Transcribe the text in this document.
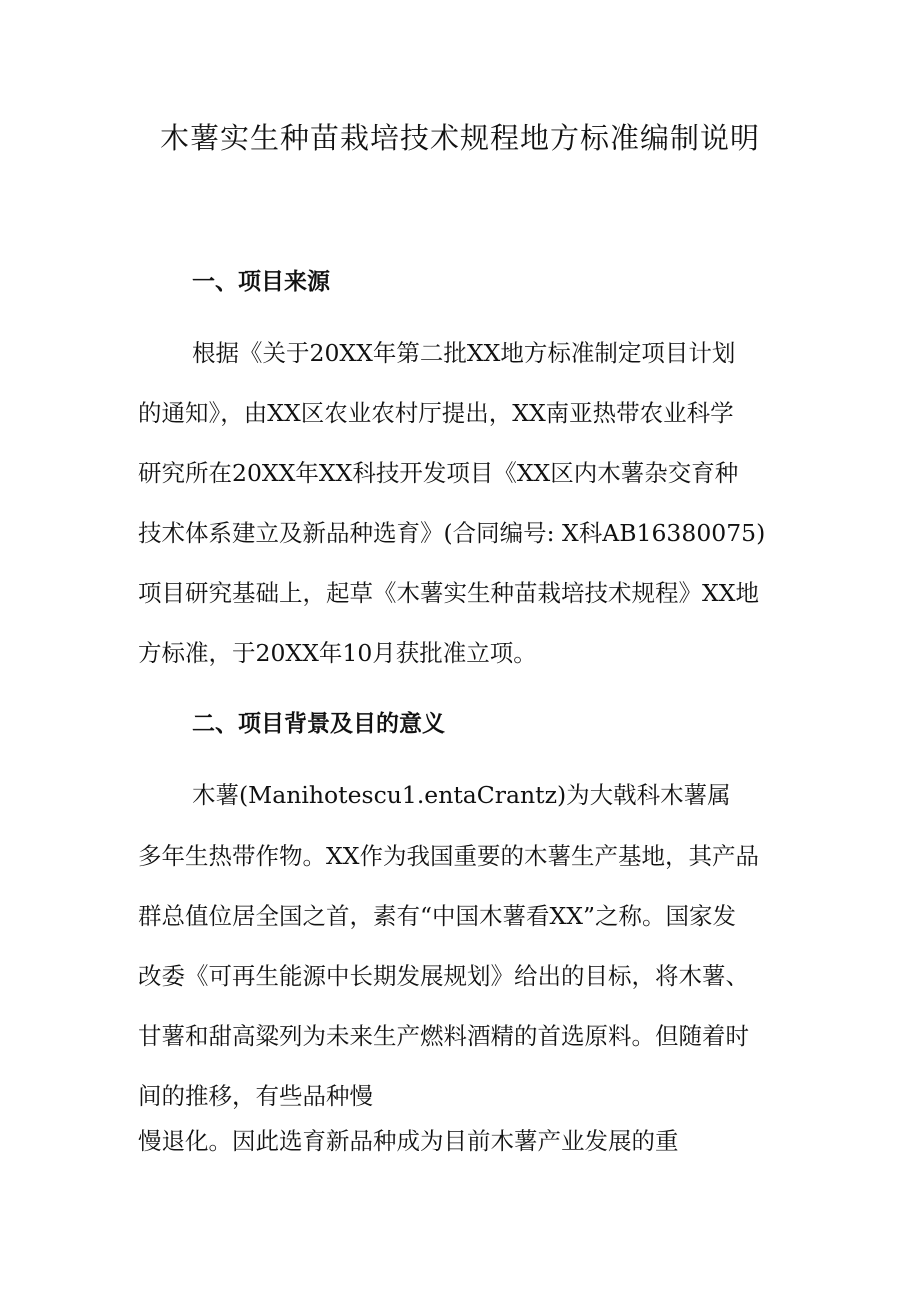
木薯实生种苗栽培技术规程地方标准编制说明
一、项目来源

根据《关于20XX年第二批XX地方标准制定项目计划

的通知》，由XX区农业农村厅提出，XX南亚热带农业科学

研究所在20XX年XX科技开发项目《XX区内木薯杂交育种

技术体系建立及新品种选育》(合同编号: X科AB16380075)

项目研究基础上，起草《木薯实生种苗栽培技术规程》XX地

方标准，于20XX年10月获批准立项。

二、项目背景及目的意义

木薯(Manihotescu1.entaCrantz)为大戟科木薯属

多年生热带作物。XX作为我国重要的木薯生产基地，其产品

群总值位居全国之首，素有“中国木薯看XX”之称。国家发

改委《可再生能源中长期发展规划》给出的目标，将木薯、

甘薯和甜高粱列为未来生产燃料酒精的首选原料。但随着时

间的推移，有些品种慢

慢退化。因此选育新品种成为目前木薯产业发展的重
